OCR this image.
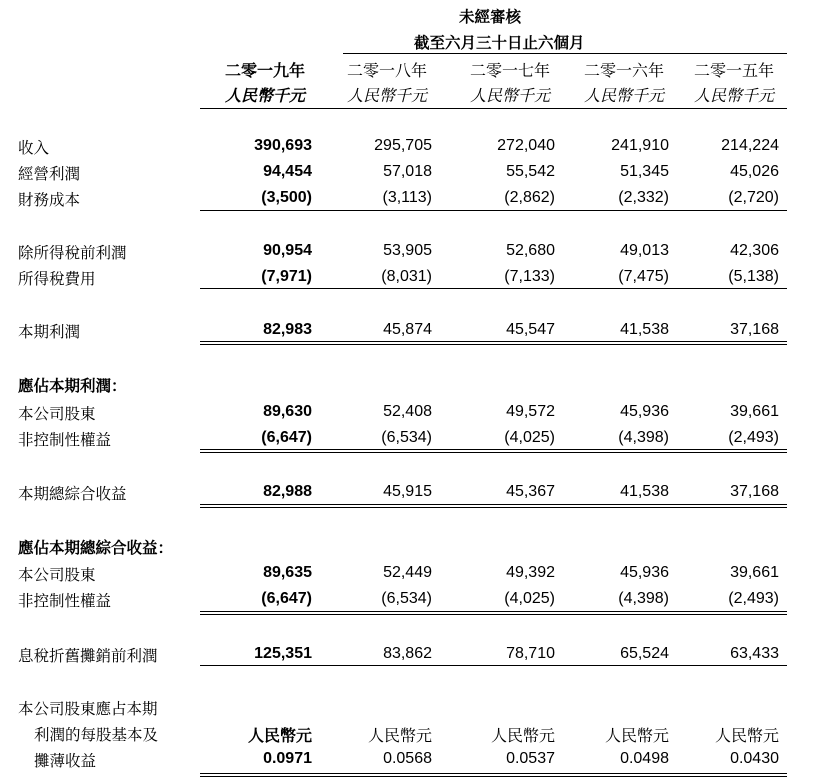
未經審核
截至六月三十日止六個月
二零一九年	二零一八年	二零一七年	二零一六年	二零一五年
人民幣千元	人民幣千元	人民幣千元	人民幣千元	人民幣千元
收入	390,693	295,705	272,040	241,910	214,224
經營利潤	94,454	57,018	55,542	51,345	45,026
財務成本	(3,500)	(3,113)	(2,862)	(2,332)	(2,720)
除所得稅前利潤	90,954	53,905	52,680	49,013	42,306
所得稅費用	(7,971)	(8,031)	(7,133)	(7,475)	(5,138)
本期利潤	82,983	45,874	45,547	41,538	37,168
本公司股東	89,630	52,408	49,572	45,936	39,661
非控制性權益	(6,647)	(6,534)	(4,025)	(4,398)	(2,493)
本期總綜合收益	82,988	45,915	45,367	41,538	37,168
本公司股東	89,635	52,449	49,392	45,936	39,661
非控制性權益	(6,647)	(6,534)	(4,025)	(4,398)	(2,493)
息稅折舊攤銷前利潤	125,351	83,862	78,710	65,524	63,433
應佔本期利潤：
應佔本期總綜合收益：
本公司股東應占本期
利潤的每股基本及
攤薄收益
人民幣元	人民幣元	人民幣元	人民幣元	人民幣元
0.0971	0.0568	0.0537	0.0498	0.0430
